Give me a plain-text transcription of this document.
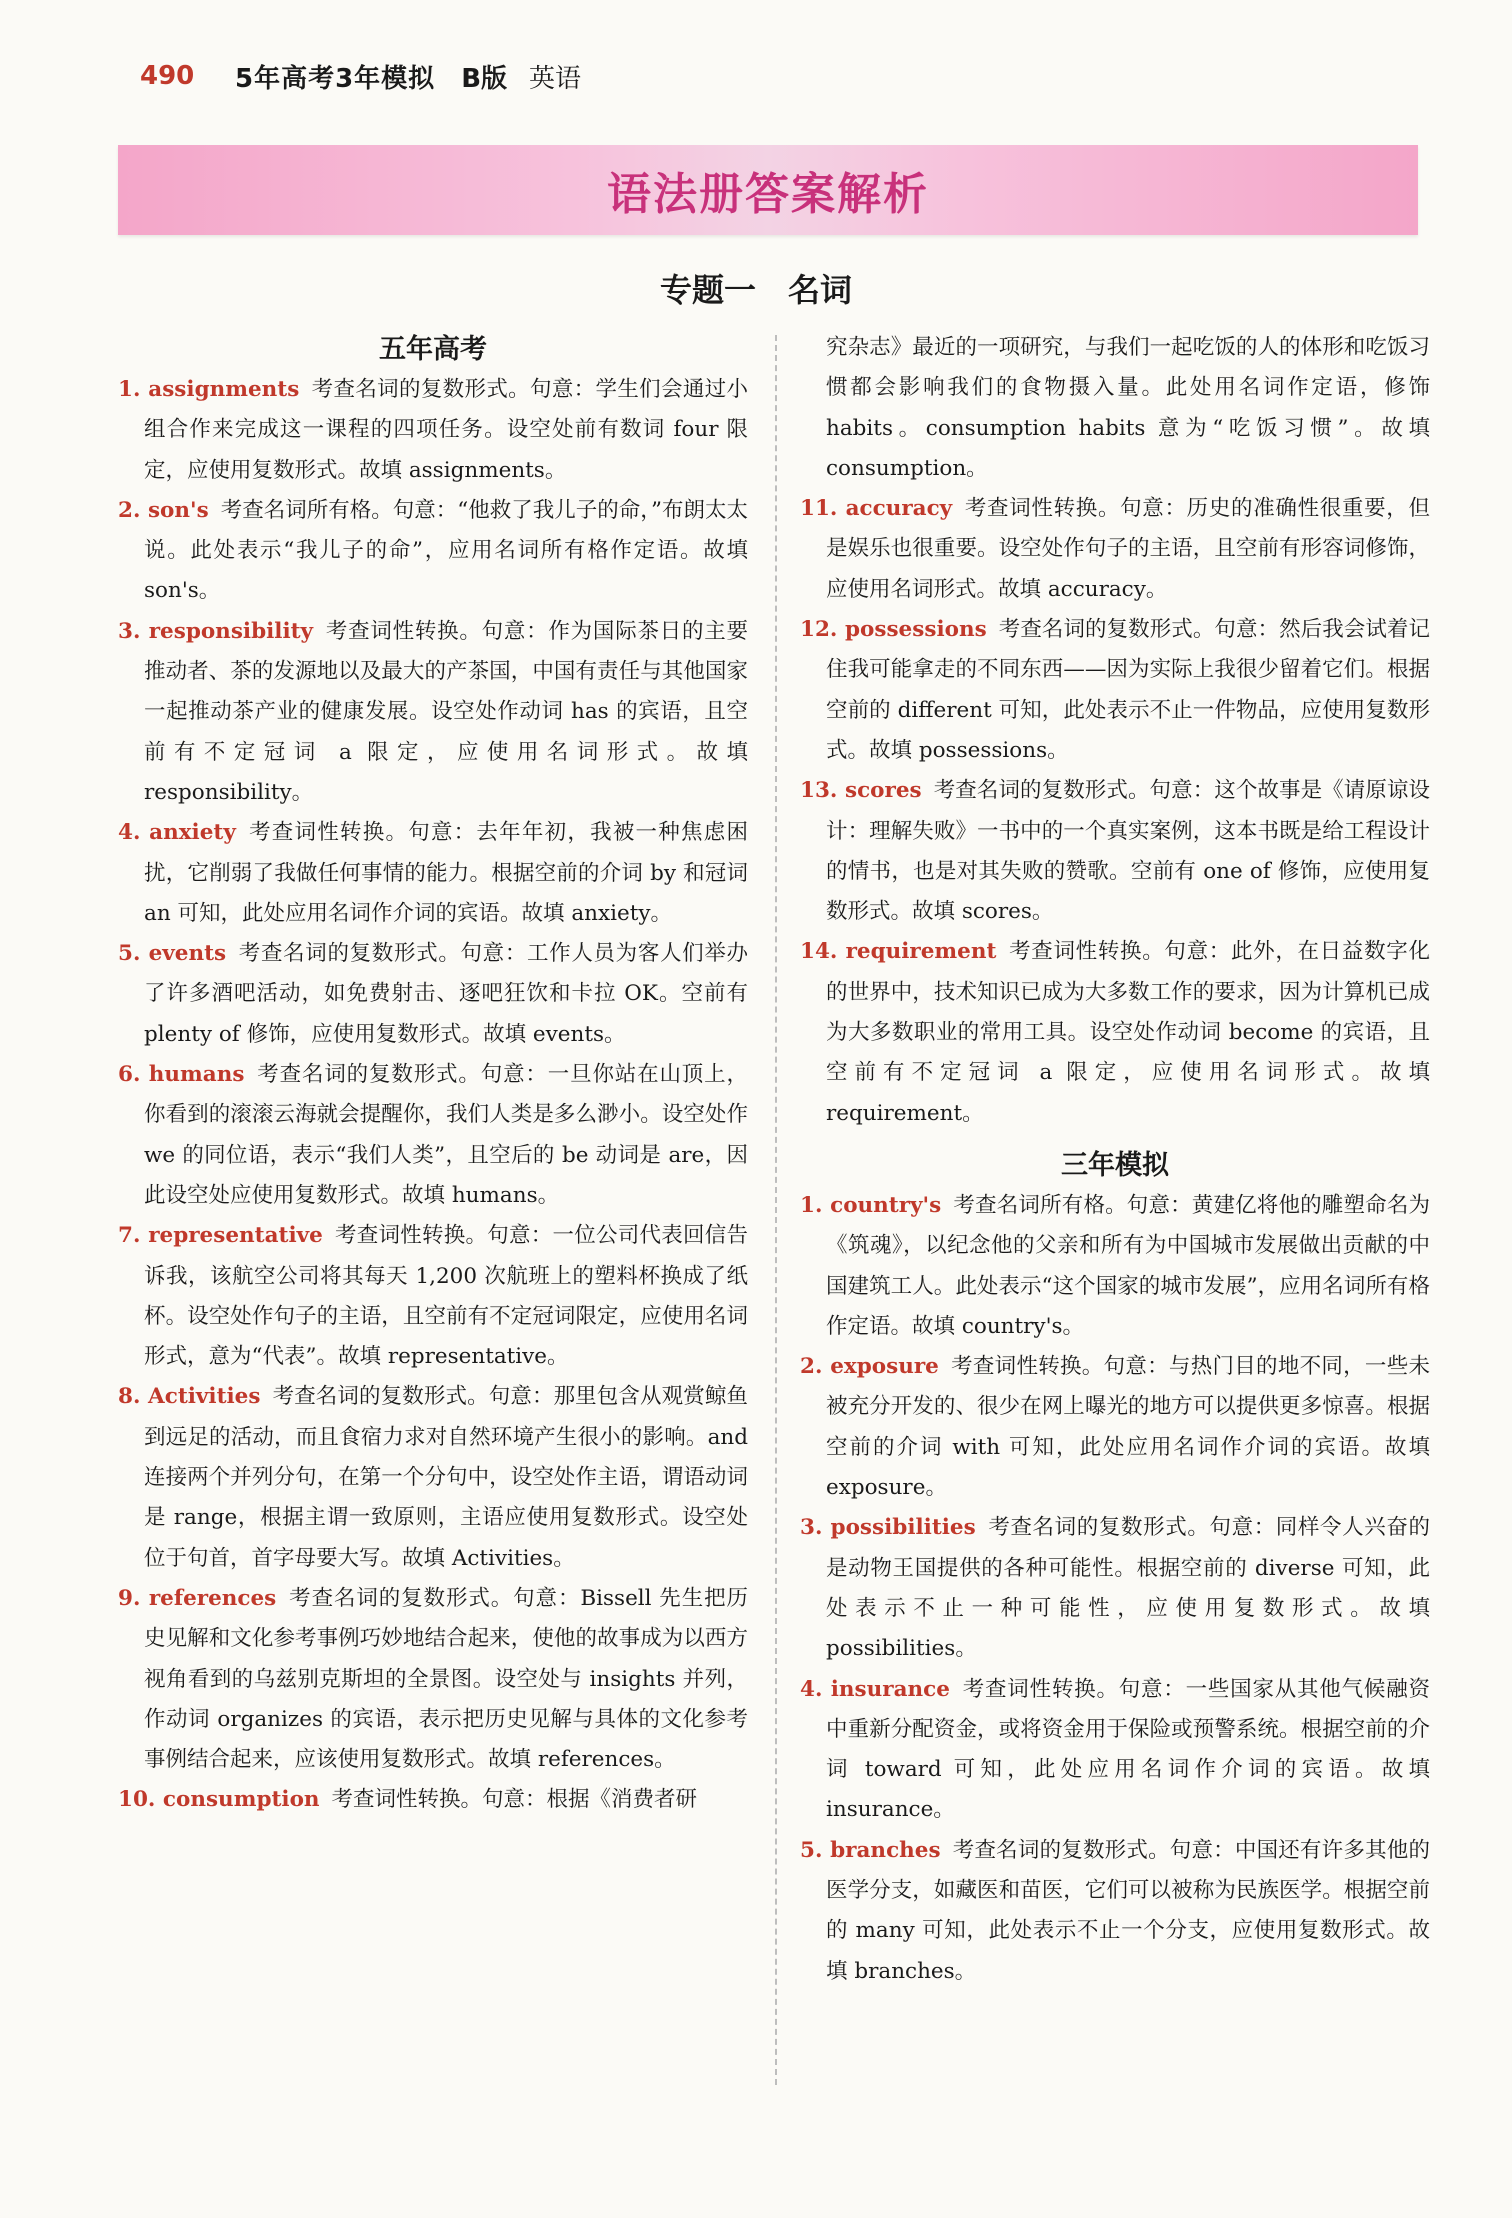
490	5年高考3年模拟 B版 英语
语法册答案解析
专题一　名词

五年高考

1. assignments 考查名词的复数形式。句意：学生们会通过小组合作来完成这一课程的四项任务。设空处前有数词 four 限定，应使用复数形式。故填 assignments。

2. son's 考查名词所有格。句意：“他救了我儿子的命，”布朗太太说。此处表示“我儿子的命”，应用名词所有格作定语。故填 son's。

3. responsibility 考查词性转换。句意：作为国际茶日的主要推动者、茶的发源地以及最大的产茶国，中国有责任与其他国家一起推动茶产业的健康发展。设空处作动词 has 的宾语，且空前有不定冠词 a 限定，应使用名词形式。故填 responsibility。

4. anxiety 考查词性转换。句意：去年年初，我被一种焦虑困扰，它削弱了我做任何事情的能力。根据空前的介词 by 和冠词 an 可知，此处应用名词作介词的宾语。故填 anxiety。

5. events 考查名词的复数形式。句意：工作人员为客人们举办了许多酒吧活动，如免费射击、逐吧狂饮和卡拉 OK。空前有 plenty of 修饰，应使用复数形式。故填 events。

6. humans 考查名词的复数形式。句意：一旦你站在山顶上，你看到的滚滚云海就会提醒你，我们人类是多么渺小。设空处作 we 的同位语，表示“我们人类”，且空后的 be 动词是 are，因此设空处应使用复数形式。故填 humans。

7. representative 考查词性转换。句意：一位公司代表回信告诉我，该航空公司将其每天 1,200 次航班上的塑料杯换成了纸杯。设空处作句子的主语，且空前有不定冠词限定，应使用名词形式，意为“代表”。故填 representative。

8. Activities 考查名词的复数形式。句意：那里包含从观赏鲸鱼到远足的活动，而且食宿力求对自然环境产生很小的影响。and 连接两个并列分句，在第一个分句中，设空处作主语，谓语动词是 range，根据主谓一致原则，主语应使用复数形式。设空处位于句首，首字母要大写。故填 Activities。

9. references 考查名词的复数形式。句意：Bissell 先生把历史见解和文化参考事例巧妙地结合起来，使他的故事成为以西方视角看到的乌兹别克斯坦的全景图。设空处与 insights 并列，作动词 organizes 的宾语，表示把历史见解与具体的文化参考事例结合起来，应该使用复数形式。故填 references。

10. consumption 考查词性转换。句意：根据《消费者研

究杂志》最近的一项研究，与我们一起吃饭的人的体形和吃饭习惯都会影响我们的食物摄入量。此处用名词作定语，修饰 habits。consumption habits 意为“吃饭习惯”。故填 consumption。

11. accuracy 考查词性转换。句意：历史的准确性很重要，但是娱乐也很重要。设空处作句子的主语，且空前有形容词修饰，应使用名词形式。故填 accuracy。

12. possessions 考查名词的复数形式。句意：然后我会试着记住我可能拿走的不同东西——因为实际上我很少留着它们。根据空前的 different 可知，此处表示不止一件物品，应使用复数形式。故填 possessions。

13. scores 考查名词的复数形式。句意：这个故事是《请原谅设计：理解失败》一书中的一个真实案例，这本书既是给工程设计的情书，也是对其失败的赞歌。空前有 one of 修饰，应使用复数形式。故填 scores。

14. requirement 考查词性转换。句意：此外，在日益数字化的世界中，技术知识已成为大多数工作的要求，因为计算机已成为大多数职业的常用工具。设空处作动词 become 的宾语，且空前有不定冠词 a 限定，应使用名词形式。故填 requirement。

三年模拟

1. country's 考查名词所有格。句意：黄建亿将他的雕塑命名为《筑魂》，以纪念他的父亲和所有为中国城市发展做出贡献的中国建筑工人。此处表示“这个国家的城市发展”，应用名词所有格作定语。故填 country's。

2. exposure 考查词性转换。句意：与热门目的地不同，一些未被充分开发的、很少在网上曝光的地方可以提供更多惊喜。根据空前的介词 with 可知，此处应用名词作介词的宾语。故填 exposure。

3. possibilities 考查名词的复数形式。句意：同样令人兴奋的是动物王国提供的各种可能性。根据空前的 diverse 可知，此处表示不止一种可能性，应使用复数形式。故填 possibilities。

4. insurance 考查词性转换。句意：一些国家从其他气候融资中重新分配资金，或将资金用于保险或预警系统。根据空前的介词 toward 可知，此处应用名词作介词的宾语。故填 insurance。

5. branches 考查名词的复数形式。句意：中国还有许多其他的医学分支，如藏医和苗医，它们可以被称为民族医学。根据空前的 many 可知，此处表示不止一个分支，应使用复数形式。故填 branches。
